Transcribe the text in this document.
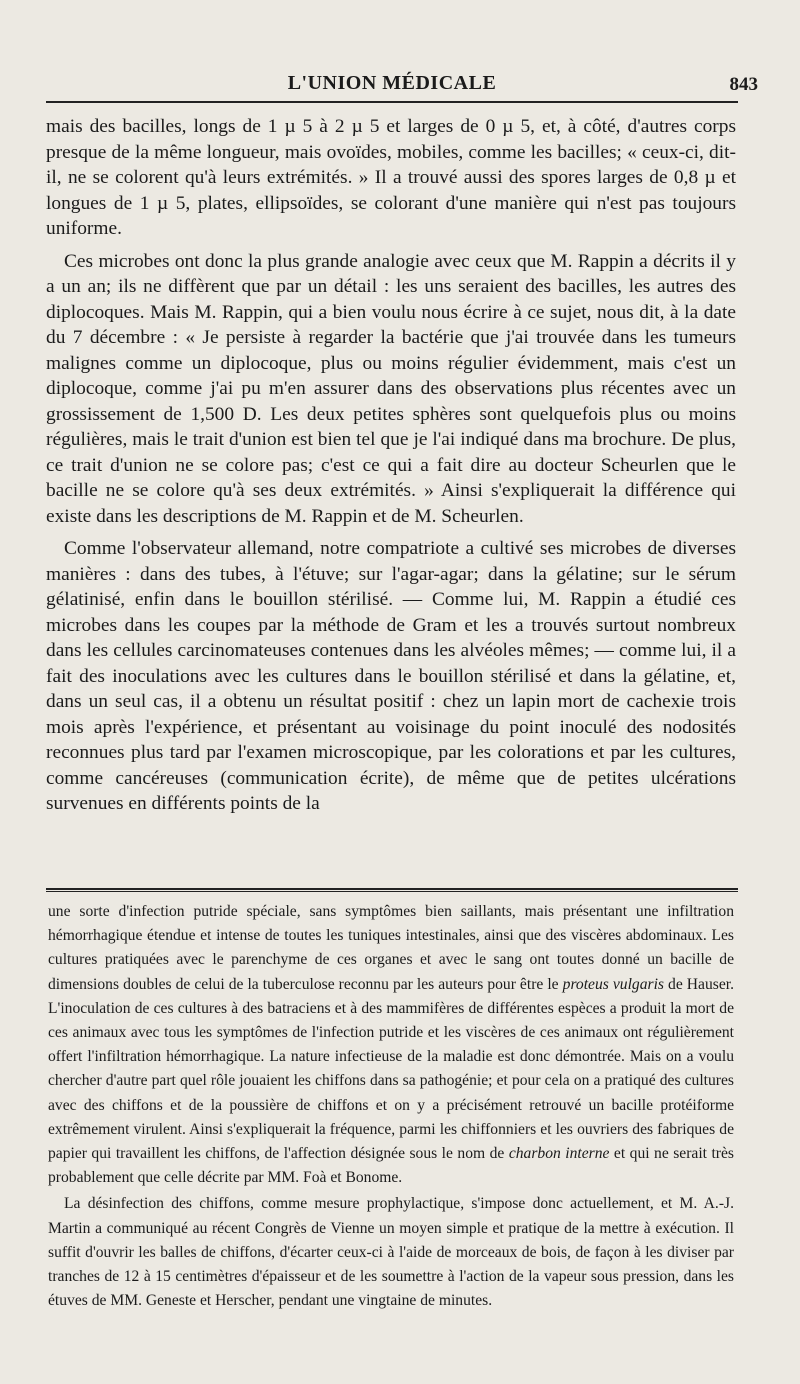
L'UNION MÉDICALE	843

mais des bacilles, longs de 1 µ 5 à 2 µ 5 et larges de 0 µ 5, et, à côté, d'autres corps presque de la même longueur, mais ovoïdes, mobiles, comme les bacilles; « ceux-ci, dit-il, ne se colorent qu'à leurs extrémités. » Il a trouvé aussi des spores larges de 0,8 µ et longues de 1 µ 5, plates, ellipsoïdes, se colorant d'une manière qui n'est pas toujours uniforme.

Ces microbes ont donc la plus grande analogie avec ceux que M. Rappin a décrits il y a un an; ils ne diffèrent que par un détail : les uns seraient des bacilles, les autres des diplocoques. Mais M. Rappin, qui a bien voulu nous écrire à ce sujet, nous dit, à la date du 7 décembre : « Je persiste à regarder la bactérie que j'ai trouvée dans les tumeurs malignes comme un diplocoque, plus ou moins régulier évidemment, mais c'est un diplocoque, comme j'ai pu m'en assurer dans des observations plus récentes avec un grossissement de 1,500 D. Les deux petites sphères sont quelquefois plus ou moins régulières, mais le trait d'union est bien tel que je l'ai indiqué dans ma brochure. De plus, ce trait d'union ne se colore pas; c'est ce qui a fait dire au docteur Scheurlen que le bacille ne se colore qu'à ses deux extrémités. » Ainsi s'expliquerait la différence qui existe dans les descriptions de M. Rappin et de M. Scheurlen.

Comme l'observateur allemand, notre compatriote a cultivé ses microbes de diverses manières : dans des tubes, à l'étuve; sur l'agar-agar; dans la gélatine; sur le sérum gélatinisé, enfin dans le bouillon stérilisé. — Comme lui, M. Rappin a étudié ces microbes dans les coupes par la méthode de Gram et les a trouvés surtout nombreux dans les cellules carcinomateuses contenues dans les alvéoles mêmes; — comme lui, il a fait des inoculations avec les cultures dans le bouillon stérilisé et dans la gélatine, et, dans un seul cas, il a obtenu un résultat positif : chez un lapin mort de cachexie trois mois après l'expérience, et présentant au voisinage du point inoculé des nodosités reconnues plus tard par l'examen microscopique, par les colorations et par les cultures, comme cancéreuses (communication écrite), de même que de petites ulcérations survenues en différents points de la

une sorte d'infection putride spéciale, sans symptômes bien saillants, mais présentant une infiltration hémorrhagique étendue et intense de toutes les tuniques intestinales, ainsi que des viscères abdominaux. Les cultures pratiquées avec le parenchyme de ces organes et avec le sang ont toutes donné un bacille de dimensions doubles de celui de la tuberculose reconnu par les auteurs pour être le proteus vulgaris de Hauser. L'inoculation de ces cultures à des batraciens et à des mammifères de différentes espèces a produit la mort de ces animaux avec tous les symptômes de l'infection putride et les viscères de ces animaux ont régulièrement offert l'infiltration hémorrhagique. La nature infectieuse de la maladie est donc démontrée. Mais on a voulu chercher d'autre part quel rôle jouaient les chiffons dans sa pathogénie; et pour cela on a pratiqué des cultures avec des chiffons et de la poussière de chiffons et on y a précisément retrouvé un bacille protéiforme extrêmement virulent. Ainsi s'expliquerait la fréquence, parmi les chiffonniers et les ouvriers des fabriques de papier qui travaillent les chiffons, de l'affection désignée sous le nom de charbon interne et qui ne serait très probablement que celle décrite par MM. Foà et Bonome.

La désinfection des chiffons, comme mesure prophylactique, s'impose donc actuellement, et M. A.-J. Martin a communiqué au récent Congrès de Vienne un moyen simple et pratique de la mettre à exécution. Il suffit d'ouvrir les balles de chiffons, d'écarter ceux-ci à l'aide de morceaux de bois, de façon à les diviser par tranches de 12 à 15 centimètres d'épaisseur et de les soumettre à l'action de la vapeur sous pression, dans les étuves de MM. Geneste et Herscher, pendant une vingtaine de minutes.
